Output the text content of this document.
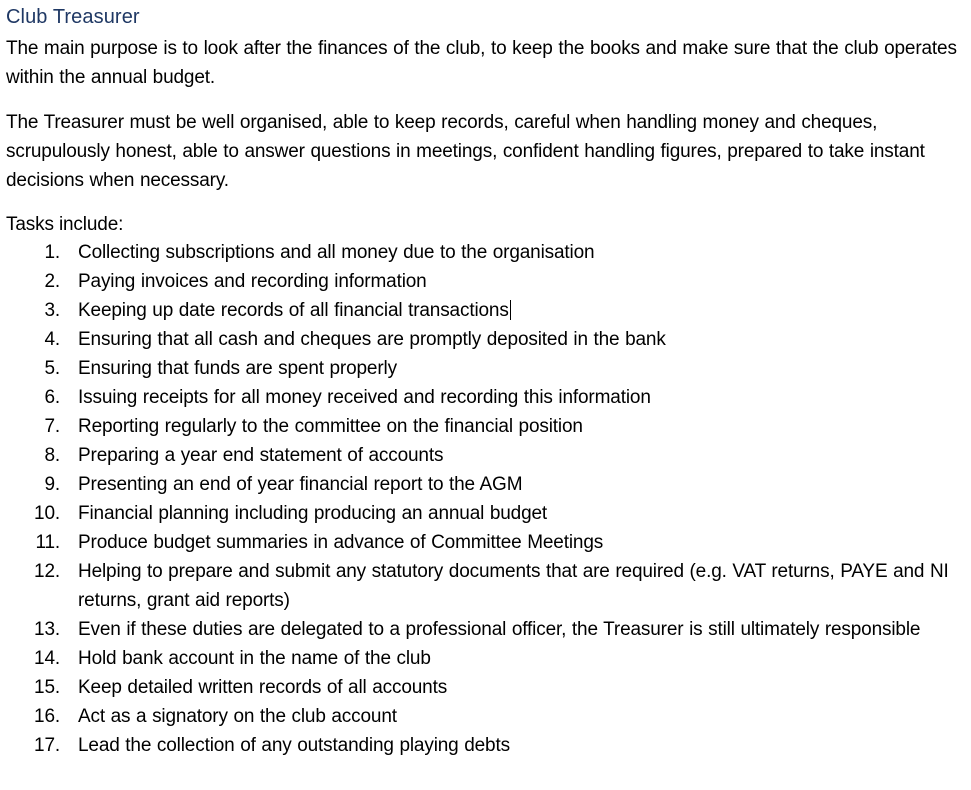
Club Treasurer

The main purpose is to look after the finances of the club, to keep the books and make sure that the club operates within the annual budget.

The Treasurer must be well organised, able to keep records, careful when handling money and cheques, scrupulously honest, able to answer questions in meetings, confident handling figures, prepared to take instant decisions when necessary.

Tasks include:

1. Collecting subscriptions and all money due to the organisation
2. Paying invoices and recording information
3. Keeping up date records of all financial transactions
4. Ensuring that all cash and cheques are promptly deposited in the bank
5. Ensuring that funds are spent properly
6. Issuing receipts for all money received and recording this information
7. Reporting regularly to the committee on the financial position
8. Preparing a year end statement of accounts
9. Presenting an end of year financial report to the AGM
10. Financial planning including producing an annual budget
11. Produce budget summaries in advance of Committee Meetings
12. Helping to prepare and submit any statutory documents that are required (e.g. VAT returns, PAYE and NI returns, grant aid reports)
13. Even if these duties are delegated to a professional officer, the Treasurer is still ultimately responsible
14. Hold bank account in the name of the club
15. Keep detailed written records of all accounts
16. Act as a signatory on the club account
17. Lead the collection of any outstanding playing debts
